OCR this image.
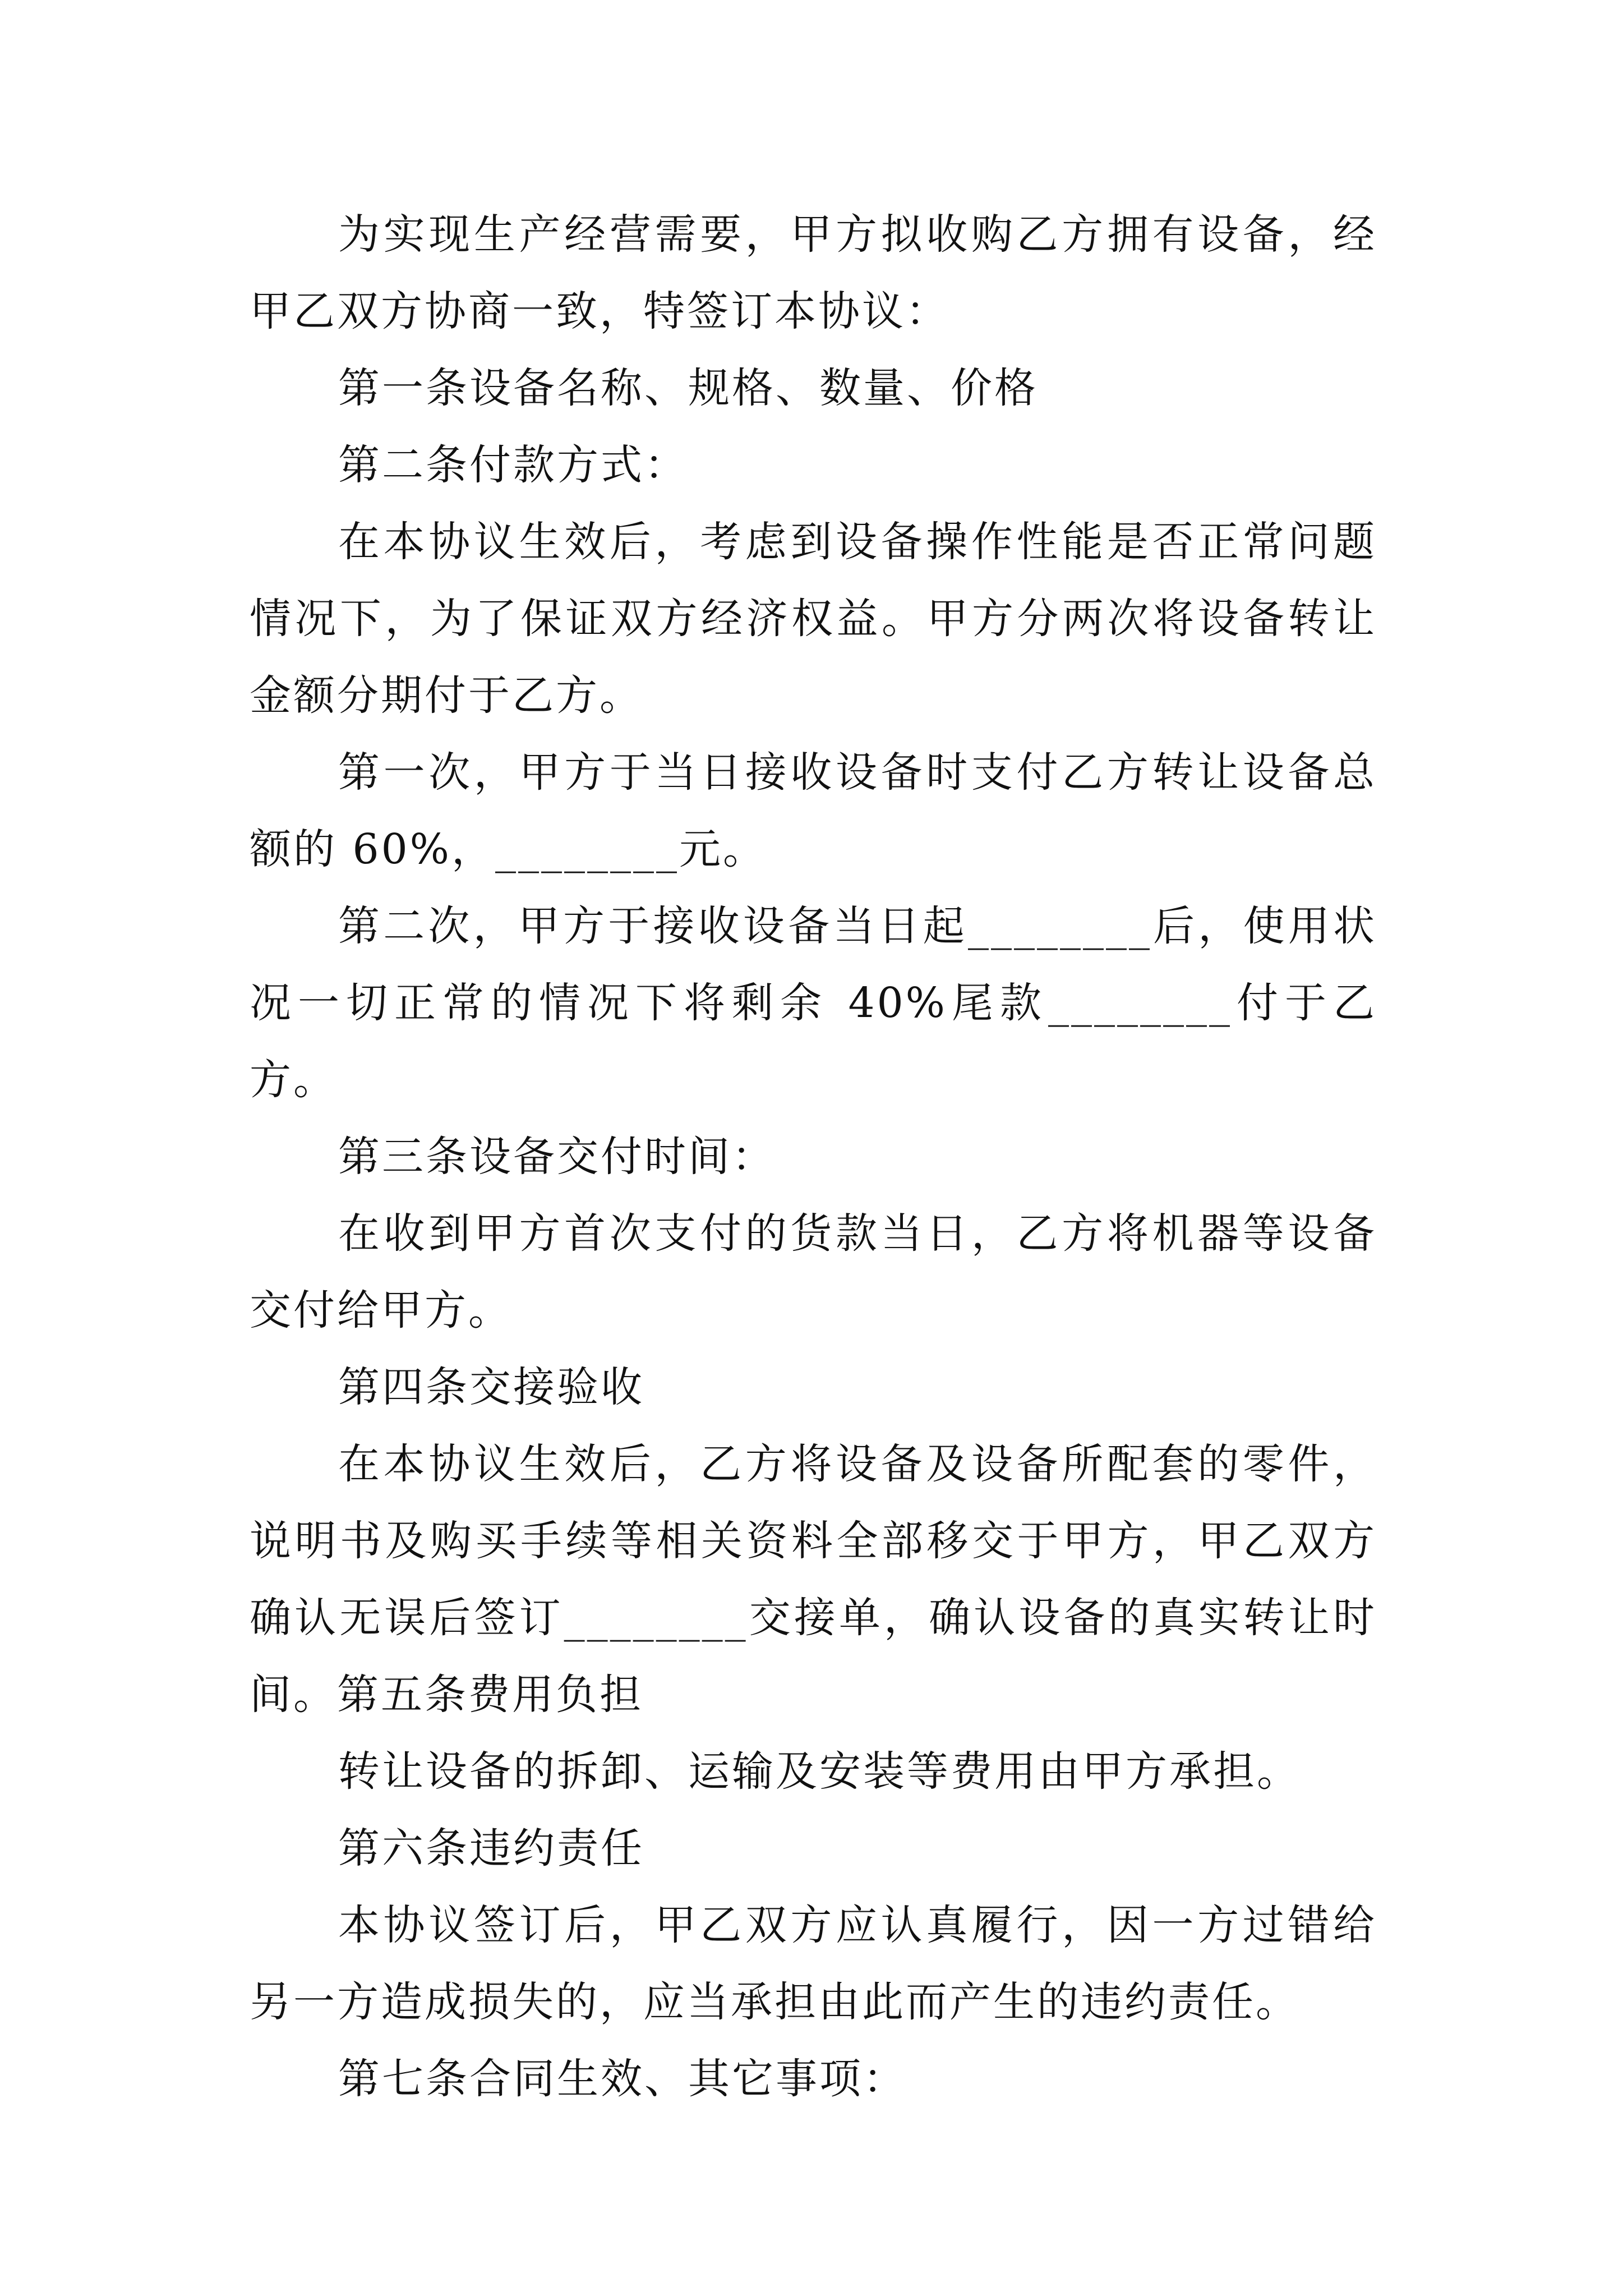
为实现生产经营需要，甲方拟收购乙方拥有设备，经甲乙双方协商一致，特签订本协议：

第一条设备名称、规格、数量、价格

第二条付款方式：

在本协议生效后，考虑到设备操作性能是否正常问题情况下，为了保证双方经济权益。甲方分两次将设备转让金额分期付于乙方。

第一次，甲方于当日接收设备时支付乙方转让设备总额的 60%，________元。

第二次，甲方于接收设备当日起________后，使用状况一切正常的情况下将剩余 40%尾款________付于乙方。

第三条设备交付时间：

在收到甲方首次支付的货款当日，乙方将机器等设备交付给甲方。

第四条交接验收

在本协议生效后，乙方将设备及设备所配套的零件，说明书及购买手续等相关资料全部移交于甲方，甲乙双方确认无误后签订________交接单，确认设备的真实转让时间。第五条费用负担

转让设备的拆卸、运输及安装等费用由甲方承担。

第六条违约责任

本协议签订后，甲乙双方应认真履行，因一方过错给另一方造成损失的，应当承担由此而产生的违约责任。

第七条合同生效、其它事项：
